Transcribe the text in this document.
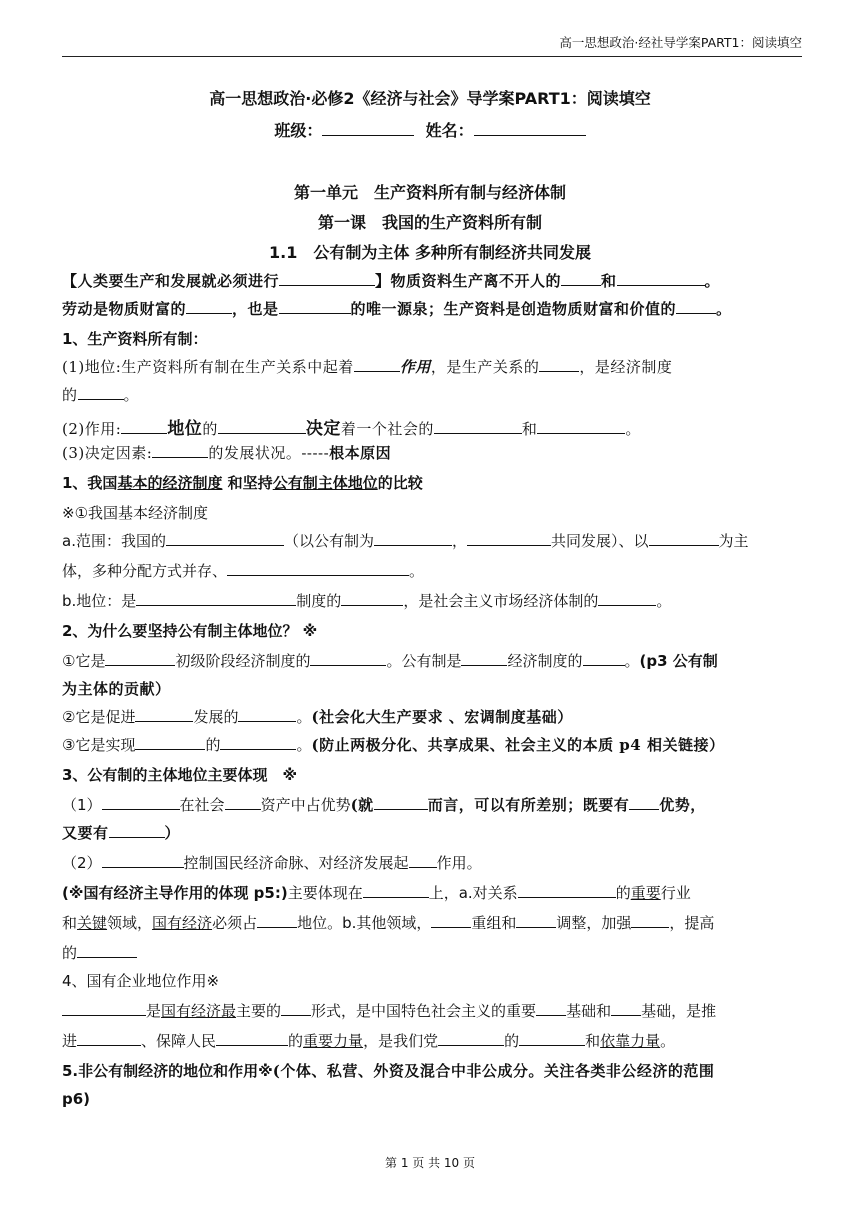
高一思想政治·经社导学案PART1：阅读填空
高一思想政治·必修2《经济与社会》导学案PART1：阅读填空
班级：	姓名：
第一单元　生产资料所有制与经济体制
第一课　我国的生产资料所有制
1.1　公有制为主体 多种所有制经济共同发展
【人类要生产和发展就必须进行	】物质资料生产离不开人的	和	。
劳动是物质财富的	，也是	的唯一源泉；生产资料是创造物质财富和价值的	。
1、生产资料所有制：
(1)地位:生产资料所有制在生产关系中起着	作用，是生产关系的	，是经济制度
的	。
(2)作用:	地位的	决定着一个社会的	和	。
(3)决定因素:	的发展状况。-----根本原因
1、我国基本的经济制度 和坚持公有制主体地位的比较
※①我国基本经济制度
a.范围：我国的	（以公有制为	，	共同发展）、以	为主
体，多种分配方式并存、	。
b.地位：是	制度的	，是社会主义市场经济体制的	。
2、为什么要坚持公有制主体地位？ ※
①它是	初级阶段经济制度的	。公有制是	经济制度的	。(p3 公有制
为主体的贡献）
②它是促进	发展的	。(社会化大生产要求 、宏调制度基础）
③它是实现	的	。(防止两极分化、共享成果、社会主义的本质 p4 相关链接）
3、公有制的主体地位主要体现　※
（1）	在社会 资产中占优势(就	而言，可以有所差别；既要有 优势，
又要有	）
（2）	控制国民经济命脉、对经济发展起 作用。
(※国有经济主导作用的体现 p5:)主要体现在	上，a.对关系	的重要行业
和关键领域，国有经济必须占	地位。b.其他领域，	重组和	调整，加强	，提高
的
4、国有企业地位作用※
是国有经济最主要的 形式，是中国特色社会主义的重要 基础和 基础，是推
进	、保障人民	的重要力量，是我们党	的	和依靠力量。
5.非公有制经济的地位和作用※(个体、私营、外资及混合中非公成分。关注各类非公经济的范围
p6)
第 1 页 共 10 页
